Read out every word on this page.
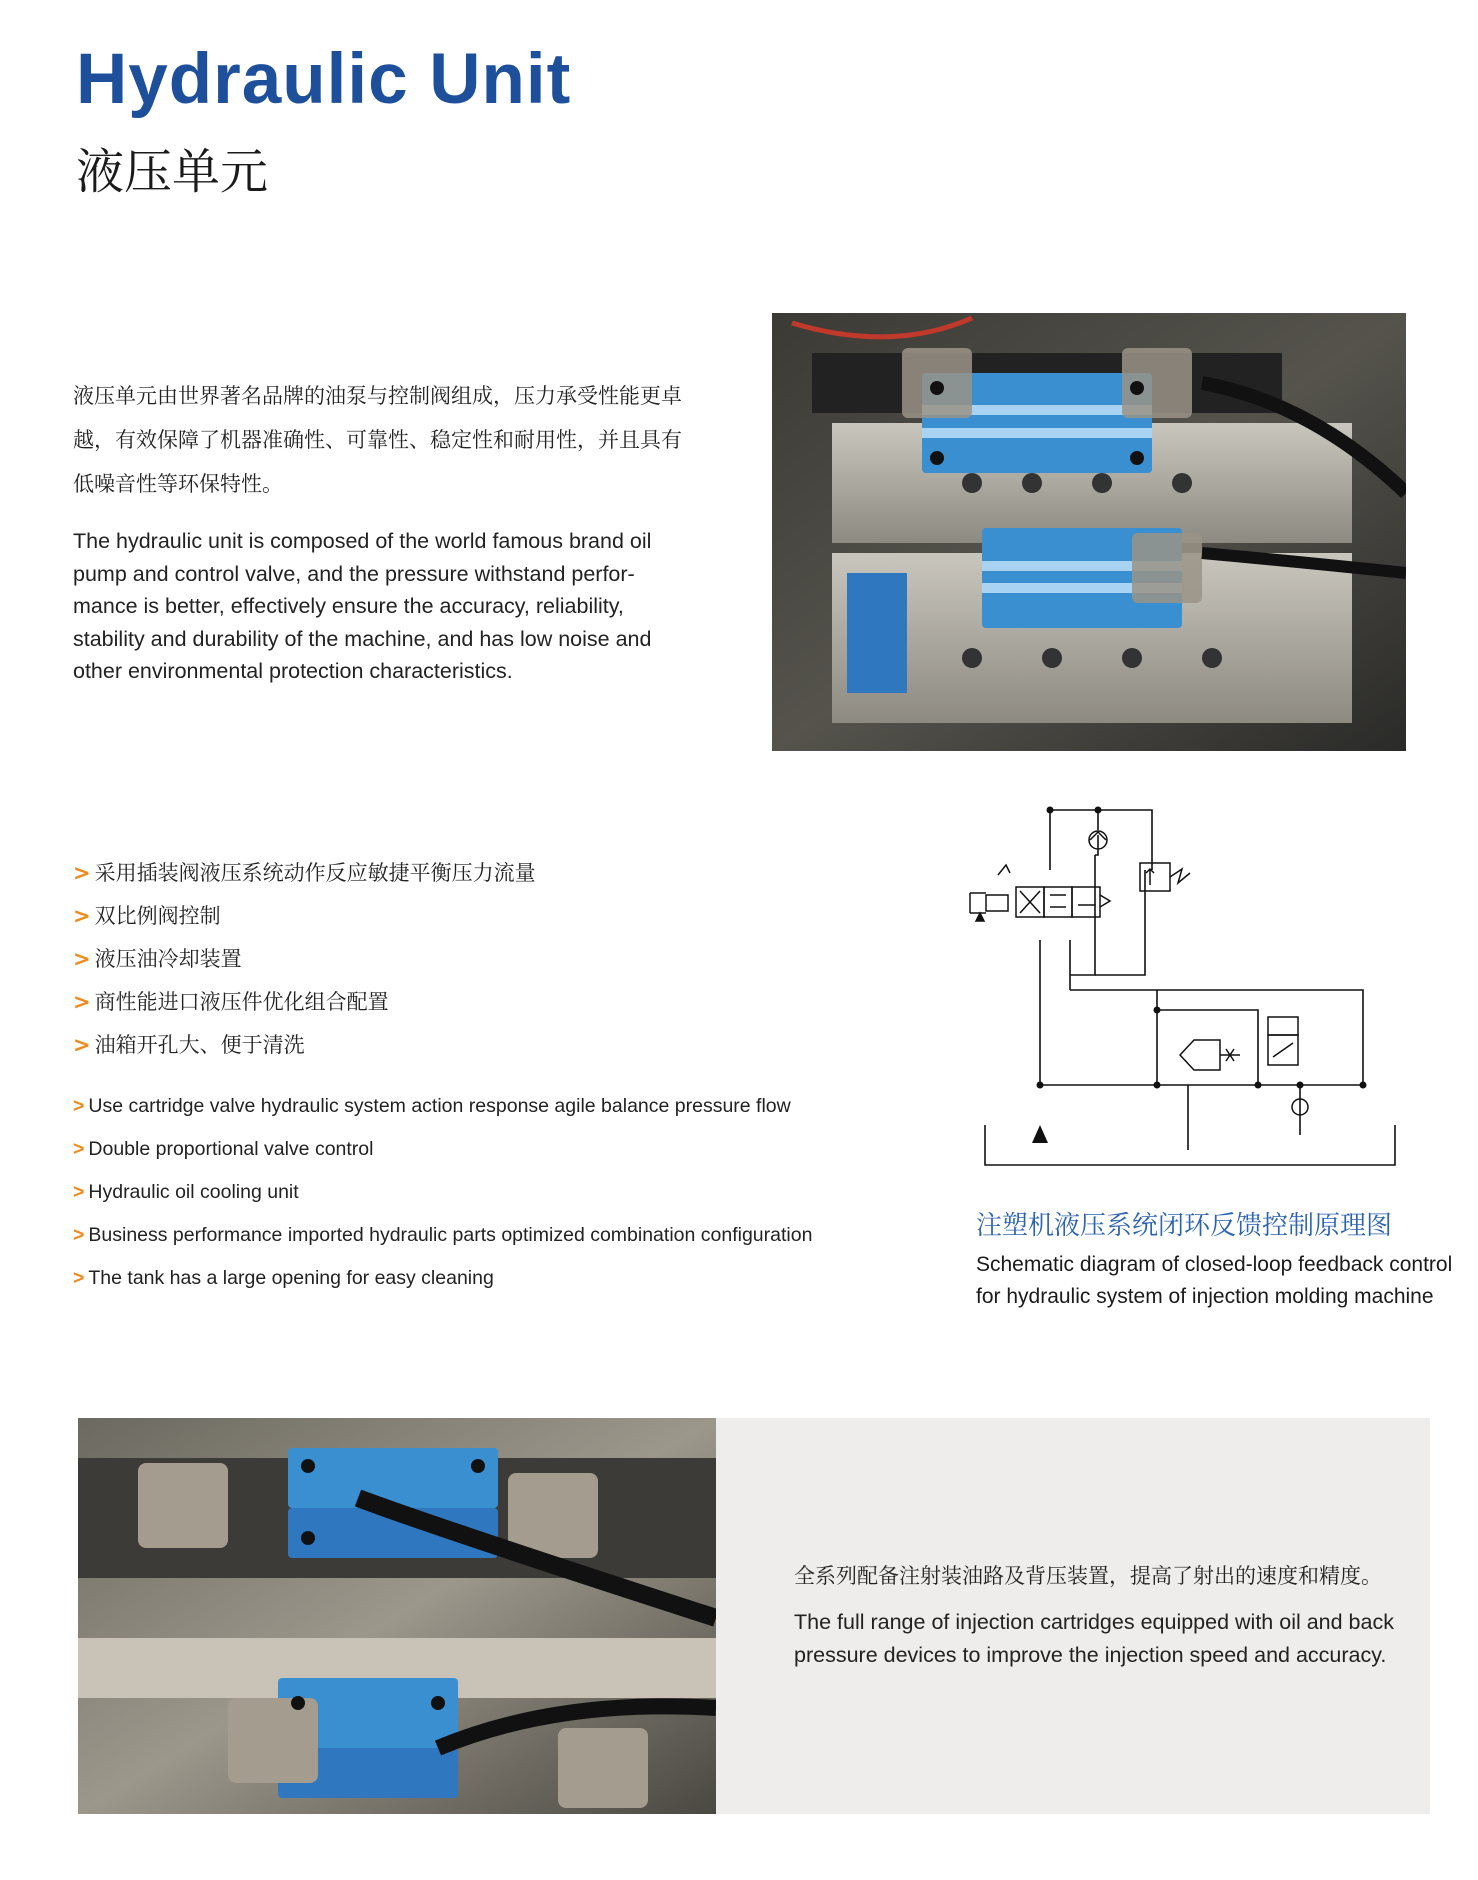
Hydraulic Unit
液压单元
液压单元由世界著名品牌的油泵与控制阀组成，压力承受性能更卓越，有效保障了机器准确性、可靠性、稳定性和耐用性，并且具有低噪音性等环保特性。
The hydraulic unit is composed of the world famous brand oil pump and control valve, and the pressure withstand perfor-mance is better, effectively ensure the accuracy, reliability, stability and durability of the machine, and has low noise and other environmental protection characteristics.
> 采用插装阀液压系统动作反应敏捷平衡压力流量
> 双比例阀控制
> 液压油冷却装置
> 商性能进口液压件优化组合配置
> 油箱开孔大、便于清洗
> Use cartridge valve hydraulic system action response agile balance pressure flow
> Double proportional valve control
> Hydraulic oil cooling unit
> Business performance imported hydraulic parts optimized combination configuration
> The tank has a large opening for easy cleaning
注塑机液压系统闭环反馈控制原理图
Schematic diagram of closed-loop feedback control for hydraulic system of injection molding machine
全系列配备注射装油路及背压装置，提高了射出的速度和精度。
The full range of injection cartridges equipped with oil and back pressure devices to improve the injection speed and accuracy.
